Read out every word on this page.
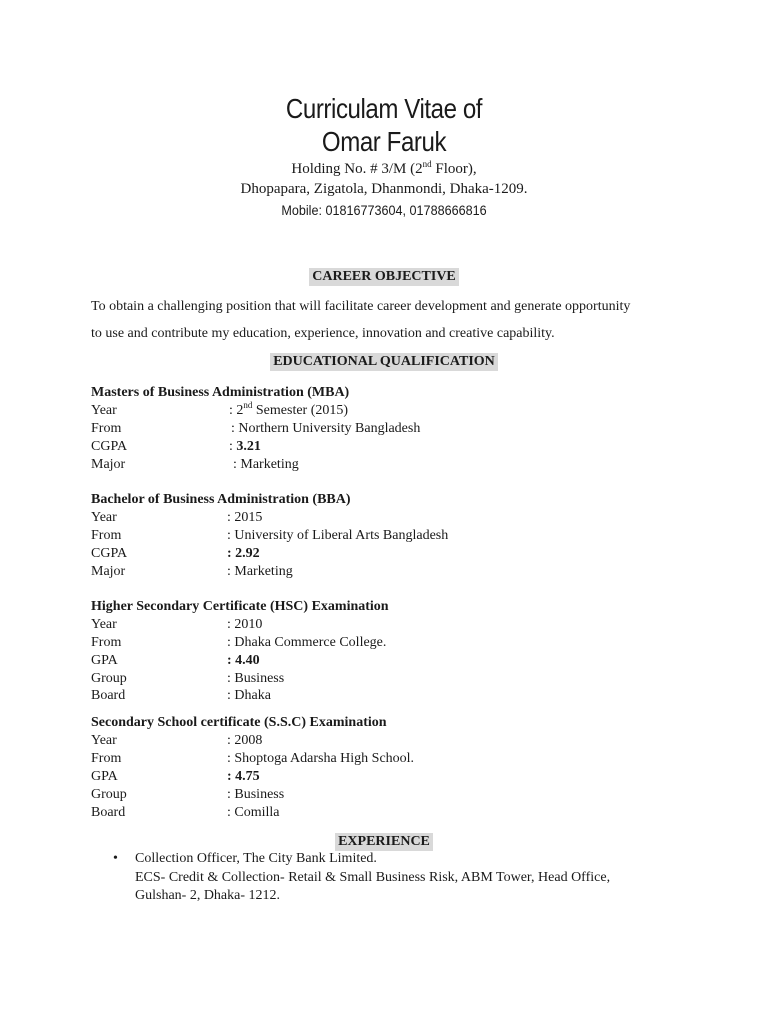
Curriculam Vitae of
Omar Faruk
Holding No. # 3/M (2nd Floor),
Dhopapara, Zigatola, Dhanmondi, Dhaka-1209.
Mobile: 01816773604, 01788666816
CAREER OBJECTIVE
To obtain a challenging position that will facilitate career development and generate opportunity
to use and contribute my education, experience, innovation and creative capability.
EDUCATIONAL QUALIFICATION
Masters of Business Administration (MBA)
Year	: 2nd Semester (2015)
From	: Northern University Bangladesh
CGPA	: 3.21
Major	: Marketing
Bachelor of Business Administration (BBA)
Year	: 2015
From	: University of Liberal Arts Bangladesh
CGPA	: 2.92
Major	: Marketing
Higher Secondary Certificate (HSC) Examination
Year	: 2010
From	: Dhaka Commerce College.
GPA	: 4.40
Group	: Business
Board	: Dhaka
Secondary School certificate (S.S.C) Examination
Year	: 2008
From	: Shoptoga Adarsha High School.
GPA	: 4.75
Group	: Business
Board	: Comilla
EXPERIENCE
• Collection Officer, The City Bank Limited.
ECS- Credit & Collection- Retail & Small Business Risk, ABM Tower, Head Office,
Gulshan- 2, Dhaka- 1212.
